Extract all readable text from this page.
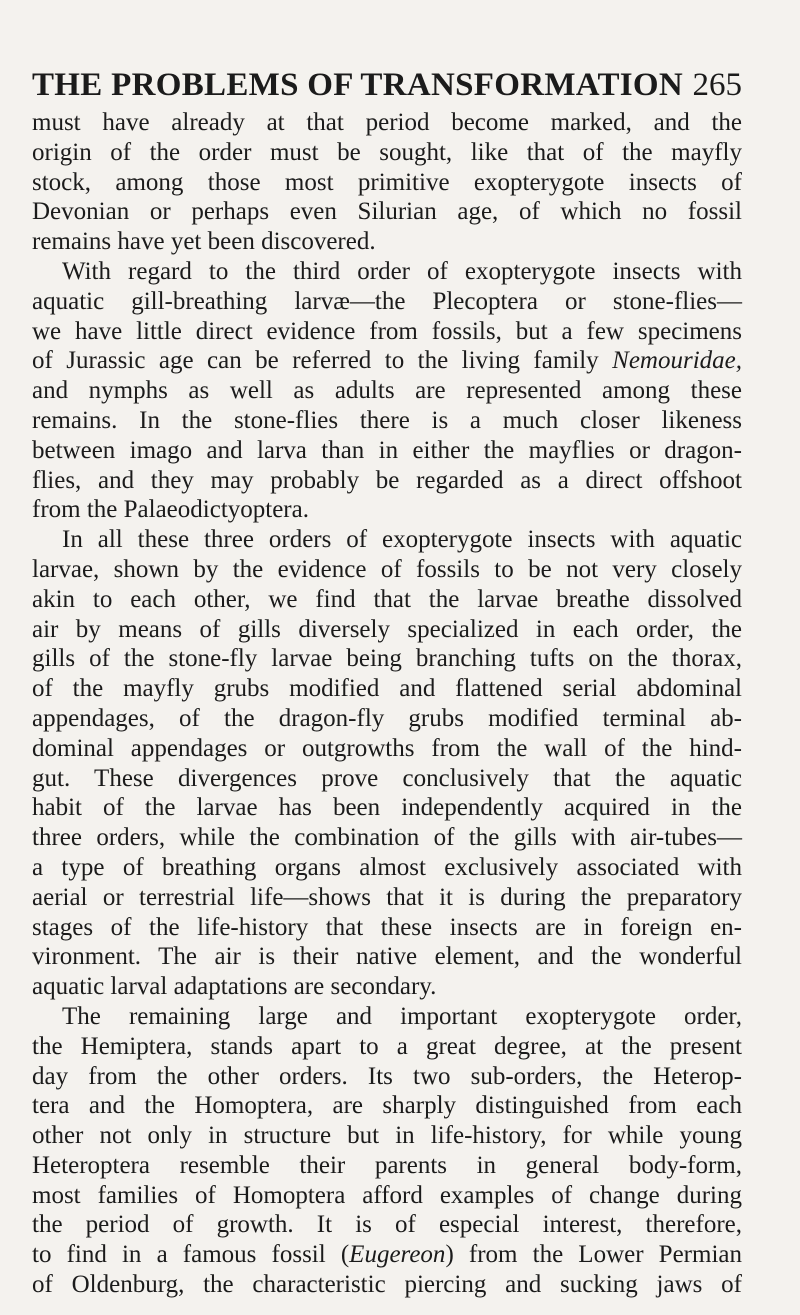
THE PROBLEMS OF TRANSFORMATION 265
must have already at that period become marked, and the
origin of the order must be sought, like that of the mayfly
stock, among those most primitive exopterygote insects of
Devonian or perhaps even Silurian age, of which no fossil
remains have yet been discovered.
With regard to the third order of exopterygote insects with
aquatic gill-breathing larvæ—the Plecoptera or stone-flies—
we have little direct evidence from fossils, but a few specimens
of Jurassic age can be referred to the living family Nemouridae,
and nymphs as well as adults are represented among these
remains. In the stone-flies there is a much closer likeness
between imago and larva than in either the mayflies or dragon-
flies, and they may probably be regarded as a direct offshoot
from the Palaeodictyoptera.
In all these three orders of exopterygote insects with aquatic
larvae, shown by the evidence of fossils to be not very closely
akin to each other, we find that the larvae breathe dissolved
air by means of gills diversely specialized in each order, the
gills of the stone-fly larvae being branching tufts on the thorax,
of the mayfly grubs modified and flattened serial abdominal
appendages, of the dragon-fly grubs modified terminal ab-
dominal appendages or outgrowths from the wall of the hind-
gut. These divergences prove conclusively that the aquatic
habit of the larvae has been independently acquired in the
three orders, while the combination of the gills with air-tubes—
a type of breathing organs almost exclusively associated with
aerial or terrestrial life—shows that it is during the preparatory
stages of the life-history that these insects are in foreign en-
vironment. The air is their native element, and the wonderful
aquatic larval adaptations are secondary.
The remaining large and important exopterygote order,
the Hemiptera, stands apart to a great degree, at the present
day from the other orders. Its two sub-orders, the Heterop-
tera and the Homoptera, are sharply distinguished from each
other not only in structure but in life-history, for while young
Heteroptera resemble their parents in general body-form,
most families of Homoptera afford examples of change during
the period of growth. It is of especial interest, therefore,
to find in a famous fossil (Eugereon) from the Lower Permian
of Oldenburg, the characteristic piercing and sucking jaws of
